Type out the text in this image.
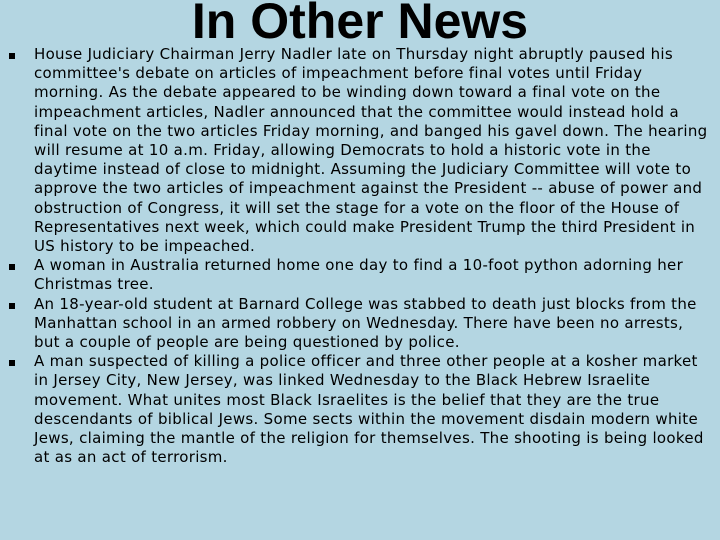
In Other News
House Judiciary Chairman Jerry Nadler late on Thursday night abruptly paused his committee's debate on articles of impeachment before final votes until Friday morning. As the debate appeared to be winding down toward a final vote on the impeachment articles, Nadler announced that the committee would instead hold a final vote on the two articles Friday morning, and banged his gavel down. The hearing will resume at 10 a.m. Friday, allowing Democrats to hold a historic vote in the daytime instead of close to midnight. Assuming the Judiciary Committee will vote to approve the two articles of impeachment against the President -- abuse of power and obstruction of Congress, it will set the stage for a vote on the floor of the House of Representatives next week, which could make President Trump the third President in US history to be impeached.
A woman in Australia returned home one day to find a 10-foot python adorning her Christmas tree.
An 18-year-old student at Barnard College was stabbed to death just blocks from the Manhattan school in an armed robbery on Wednesday. There have been no arrests, but a couple of people are being questioned by police.
A man suspected of killing a police officer and three other people at a kosher market in Jersey City, New Jersey, was linked Wednesday to the Black Hebrew Israelite movement. What unites most Black Israelites is the belief that they are the true descendants of biblical Jews. Some sects within the movement disdain modern white Jews, claiming the mantle of the religion for themselves. The shooting is being looked at as an act of terrorism.
